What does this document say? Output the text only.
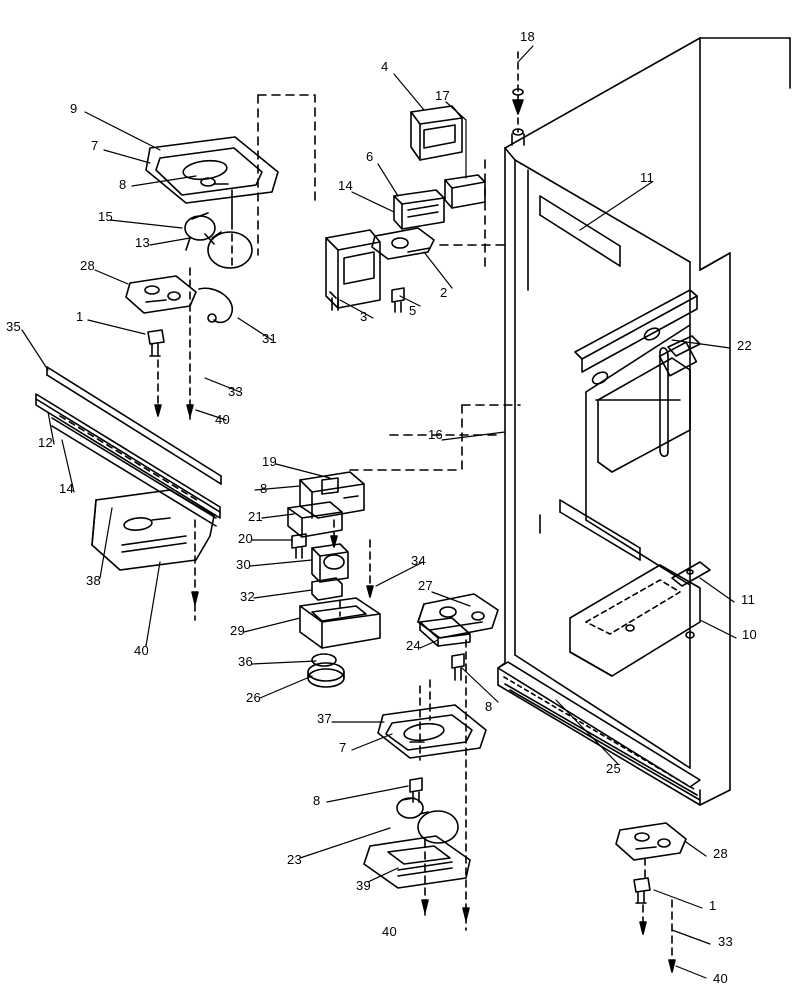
18
4
17
9
7
6
11
8	14
15
13
2
28
3	5
1
31
35
22
33
40
12
16
14
19
8
21
20
30	34
32
38	27
11
29
24
10
40
36
26
8
37
7
25
8
28
23
39
1
40
33
40
